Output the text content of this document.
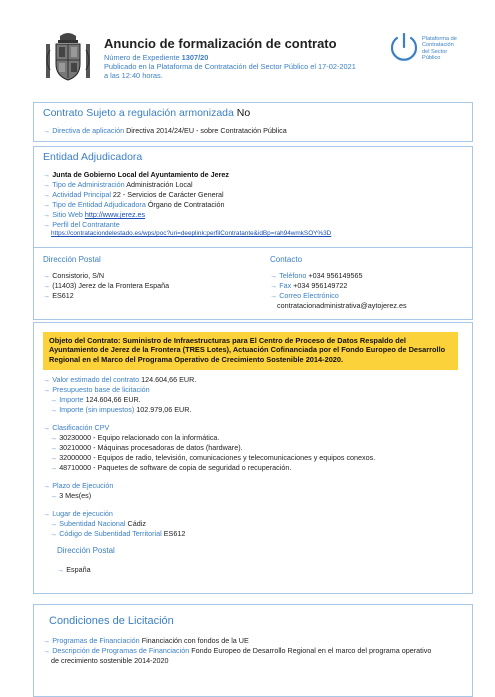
Anuncio de formalización de contrato
Número de Expediente 1307/20
Publicado en la Plataforma de Contratación del Sector Público el 17-02-2021
a las 12:40 horas.
Plataforma de
Contratación
del Sector
Público
Contrato Sujeto a regulación armonizada No
→ Directiva de aplicación Directiva 2014/24/EU - sobre Contratación Pública
Entidad Adjudicadora
→ Junta de Gobierno Local del Ayuntamiento de Jerez
→ Tipo de Administración Administración Local
→ Actividad Principal 22 - Servicios de Carácter General
→ Tipo de Entidad Adjudicadora Órgano de Contratación
→ Sitio Web http://www.jerez.es
→ Perfil del Contratante
https://contrataciondelestado.es/wps/poc?uri=deeplink:perfilContratante&idBp=rah94wmkSOY%3D
Dirección Postal
→ Consistorio, S/N
→ (11403) Jerez de la Frontera España
→ ES612
Contacto
→ Teléfono +034 956149565
→ Fax +034 956149722
→ Correo Electrónico
contratacionadministrativa@aytojerez.es
Objeto del Contrato: Suministro de Infraestructuras para El Centro de Proceso de Datos Respaldo del Ayuntamiento de Jerez de la Frontera (TRES Lotes), Actuación Cofinanciada por el Fondo Europeo de Desarrollo Regional en el Marco del Programa Operativo de Crecimiento Sostenible 2014-2020.
→ Valor estimado del contrato 124.604,66 EUR.
→ Presupuesto base de licitación
→ Importe 124.604,66 EUR.
→ Importe (sin impuestos) 102.979,06 EUR.
→ Clasificación CPV
→ 30230000 - Equipo relacionado con la informática.
→ 30210000 - Máquinas procesadoras de datos (hardware).
→ 32000000 - Equipos de radio, televisión, comunicaciones y telecomunicaciones y equipos conexos.
→ 48710000 - Paquetes de software de copia de seguridad o recuperación.
→ Plazo de Ejecución
→ 3 Mes(es)
→ Lugar de ejecución
→ Subentidad Nacional Cádiz
→ Código de Subentidad Territorial ES612
Dirección Postal
→ España
Condiciones de Licitación
→ Programas de Financiación Financiación con fondos de la UE
→ Descripción de Programas de Financiación Fondo Europeo de Desarrollo Regional en el marco del programa operativo
de crecimiento sostenible 2014-2020
